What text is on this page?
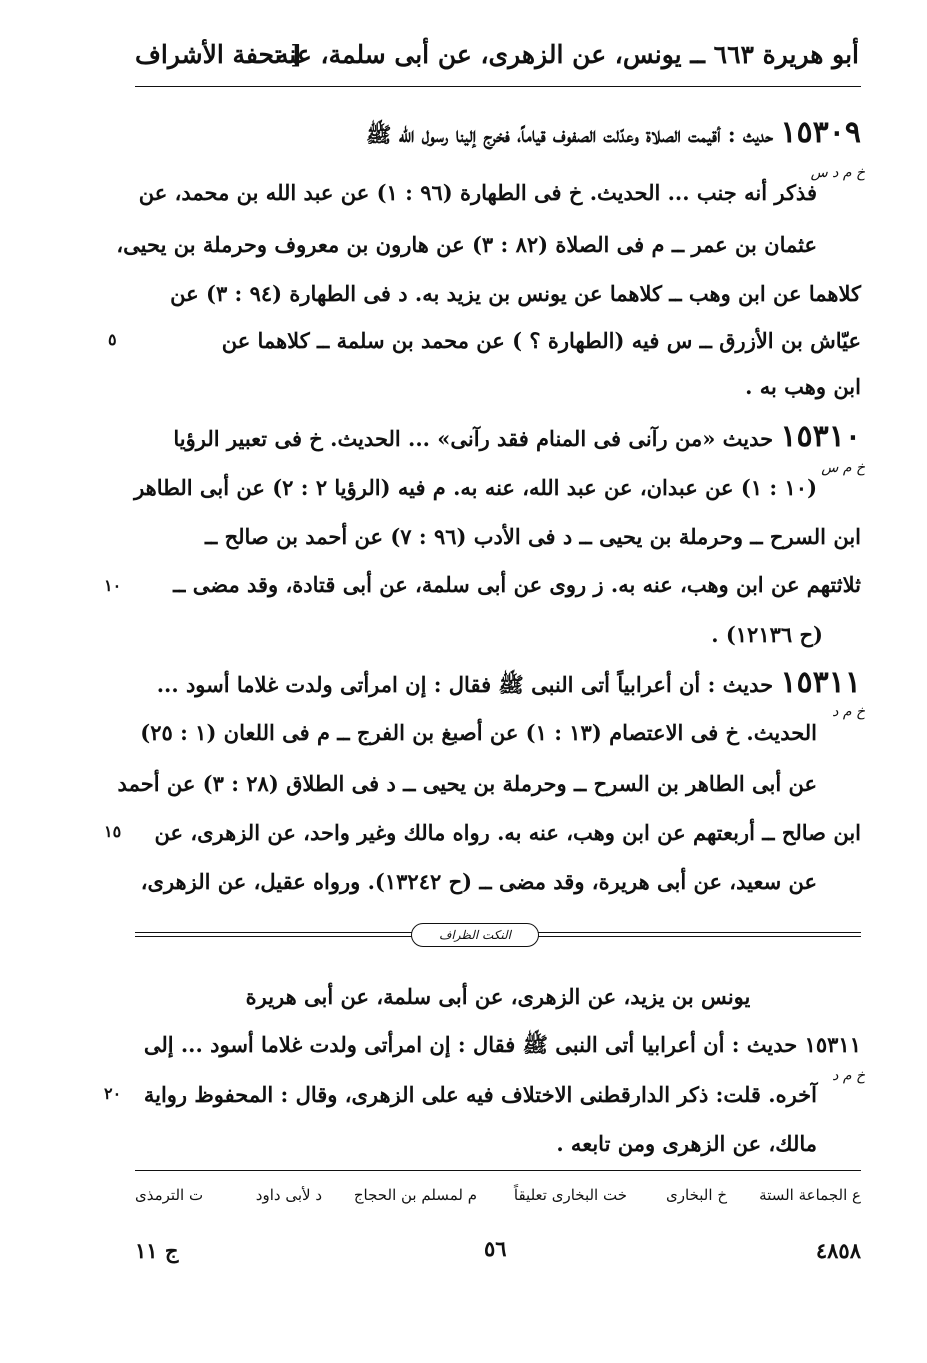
أبو هريرة ٦٦٣ ــ يونس، عن الزهرى، عن أبى سلمة، عنه
[ تحفة الأشراف
١٥٣٠٩ حديث : أقيمت الصلاة وعدّلت الصفوف قياماً، فخرج إلينا رسول الله ﷺ
خ م د س
فذكر أنه جنب ... الحديث. خ فى الطهارة (٩٦ : ١) عن عبد الله بن محمد، عن
عثمان بن عمر ــ م فى الصلاة (٨٢ : ٣) عن هارون بن معروف وحرملة بن يحيى،
كلاهما عن ابن وهب ــ كلاهما عن يونس بن يزيد به. د فى الطهارة (٩٤ : ٣) عن
عيّاش بن الأزرق ــ س فيه (الطهارة ؟ ) عن محمد بن سلمة ــ كلاهما عن
ابن وهب به .
٥
١٥٣١٠ حديث «من رآنى فى المنام فقد رآنى» ... الحديث. خ فى تعبير الرؤيا
خ م س
(١٠ : ١) عن عبدان، عن عبد الله، عنه به. م فيه (الرؤيا ٢ : ٢) عن أبى الطاهر
ابن السرح ــ وحرملة بن يحيى ــ د فى الأدب (٩٦ : ٧) عن أحمد بن صالح ــ
ثلاثتهم عن ابن وهب، عنه به. ز روى عن أبى سلمة، عن أبى قتادة، وقد مضى ــ
(ح ١٢١٣٦) .
١٠
١٥٣١١ حديث : أن أعرابياً أتى النبى ﷺ فقال : إن امرأتى ولدت غلاما أسود ...
خ م د
الحديث. خ فى الاعتصام (١٣ : ١) عن أصبغ بن الفرج ــ م فى اللعان (١ : ٢٥)
عن أبى الطاهر بن السرح ــ وحرملة بن يحيى ــ د فى الطلاق (٢٨ : ٣) عن أحمد
ابن صالح ــ أربعتهم عن ابن وهب، عنه به. رواه مالك وغير واحد، عن الزهرى، عن
عن سعيد، عن أبى هريرة، وقد مضى ــ (ح ١٣٢٤٢). ورواه عقيل، عن الزهرى،
١٥
النكت الظراف
يونس بن يزيد، عن الزهرى، عن أبى سلمة، عن أبى هريرة
١٥٣١١ حديث : أن أعرابيا أتى النبى ﷺ فقال : إن امرأتى ولدت غلاما أسود ... إلى
خ م د
آخره. قلت: ذكر الدارقطنى الاختلاف فيه على الزهرى، وقال : المحفوظ رواية
مالك، عن الزهرى ومن تابعه .
٢٠
ع الجماعة الستة
خ البخارى
خت البخارى تعليقاً
م لمسلم بن الحجاج
د لأبى داود
ت الترمذى
٤٨٥٨
٥٦
ج ١١
